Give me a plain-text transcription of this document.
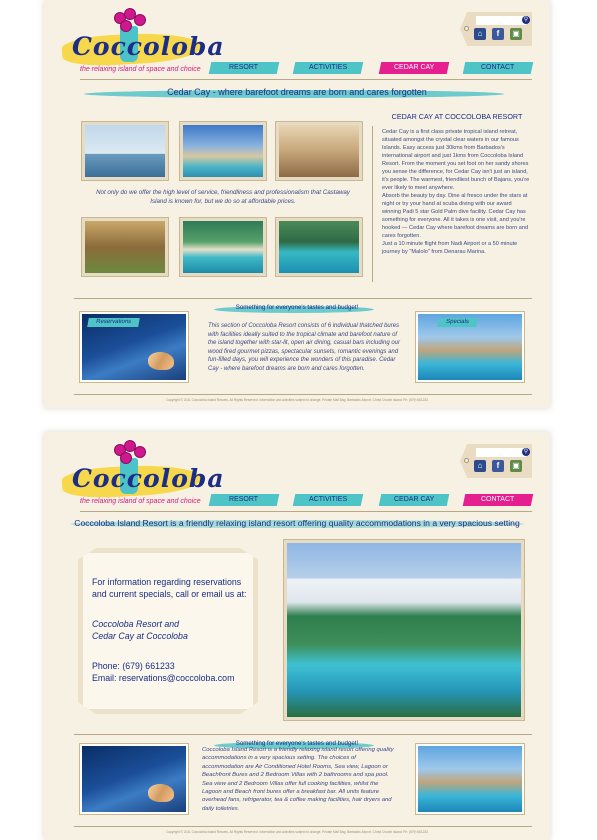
Coccoloba
the relaxing island of space and choice
⚲
⌂	f	▣
RESORT	ACTIVITIES	CEDAR CAY	CONTACT
Cedar Cay - where barefoot dreams are born and cares forgotten
Not only do we offer the high level of service, friendliness and professionalism that Castaway Island is known for, but we do so at affordable prices.
CEDAR CAY AT COCCOLOBA RESORT

Cedar Cay is a first class private tropical island retreat, situated amongst the crystal clear waters in our famous Islands. Easy access just 30kms from Barbados's international airport and just 1kms from Coccoloba Island Resort. From the moment you set foot on her sandy shores you sense the difference, for Cedar Cay isn't just an island, it's people. The warmest, friendliest bunch of Bajans, you're ever likely to meet anywhere.

Absorb the beauty by day. Dine al fresco under the stars at night or try your hand at scuba diving with our award winning Padi 5 star Gold Palm dive facility. Cedar Cay has something for everyone. All it takes is one visit, and you're hooked — Cedar Cay where barefoot dreams are born and cares forgotten.

Just a 10 minute flight from Nadi Airport or a 50 minute journey by "Malolo" from Denarau Marina.

Something for everyone's tastes and budget!
Reservations
This section of Coccoloba Resort consists of 6 individual thatched bures with facilities ideally suited to the tropical climate and barefoot nature of the island together with star-lit, open air dining, casual bars including our wood fired gourmet pizzas, spectacular sunsets, romantic evenings and fun-filled days, you will experience the wonders of this paradise. Cedar Cay - where barefoot dreams are born and cares forgotten.
Specials
Copyright © 2011 Coccoloba Island Resorts. All Rights Reserved. Information and activities subject to change. Private Mail Bag, Barbados Airport, Christ Church Island. Ph: (679) 661233
Coccoloba
the relaxing island of space and choice
⚲
⌂	f	▣
RESORT	ACTIVITIES	CEDAR CAY	CONTACT
Coccoloba Island Resort is a friendly relaxing island resort offering quality accommodations in a very spacious setting
For information regarding reservations
and current specials, call or email us at:
Coccoloba Resort and
Cedar Cay at Coccoloba
Phone: (679) 661233
Email: reservations@coccoloba.com
Something for everyone's tastes and budget!
Coccoloba Island Resort is a friendly relaxing island resort offering quality accommodations in a very spacious setting. The choices of accommodation are Air Conditioned Hotel Rooms, Sea view, Lagoon or Beachfront Bures and 2 Bedroom Villas with 2 bathrooms and spa pool. Sea view and 2 Bedroom Villas offer full cooking facilities, whilst the Lagoon and Beach front bures offer a breakfast bar. All units feature overhead fans, refrigerator, tea & coffee making facilities, hair dryers and daily toiletries.
Copyright © 2011 Coccoloba Island Resorts. All Rights Reserved. Information and activities subject to change. Private Mail Bag, Barbados Airport, Christ Church Island. Ph: (679) 661233
